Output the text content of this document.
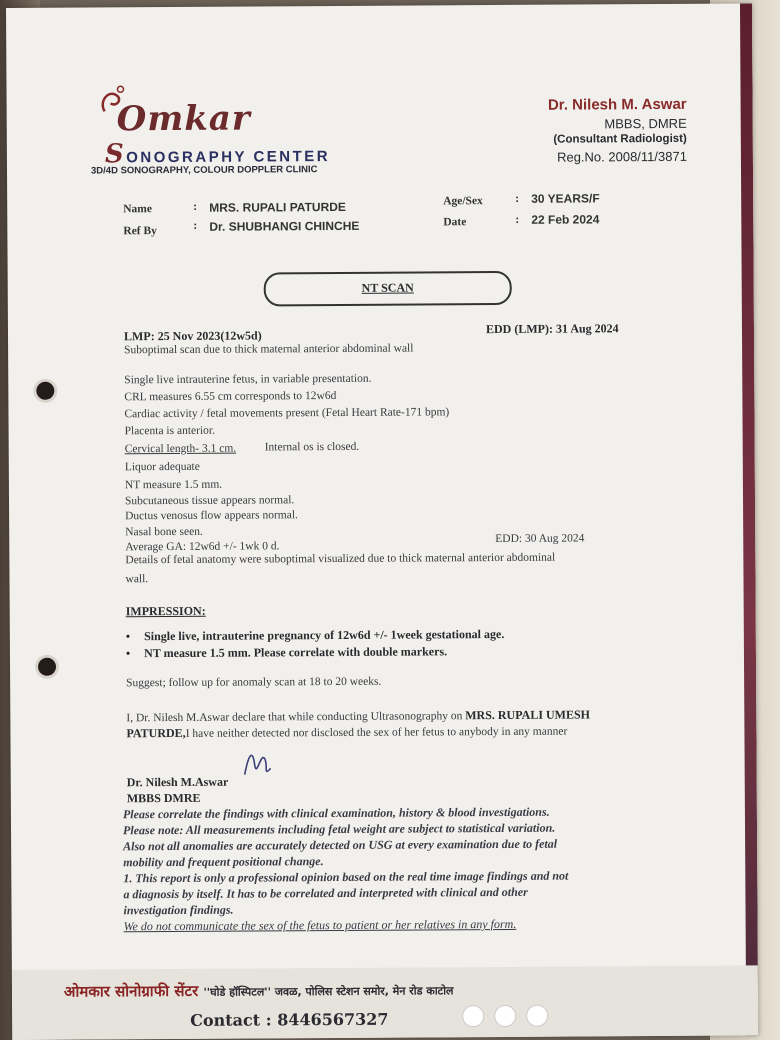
Omkar
SONOGRAPHY CENTER
3D/4D SONOGRAPHY, COLOUR DOPPLER CLINIC
Dr. Nilesh M. Aswar
MBBS, DMRE
(Consultant Radiologist)
Reg.No. 2008/11/3871
Name	: MRS. RUPALI PATURDE
Ref By	: Dr. SHUBHANGI CHINCHE
Age/Sex	: 30 YEARS/F
Date	: 22 Feb 2024
NT SCAN
LMP: 25 Nov 2023(12w5d)	EDD (LMP): 31 Aug 2024
Suboptimal scan due to thick maternal anterior abdominal wall
Single live intrauterine fetus, in variable presentation.
CRL measures 6.55 cm corresponds to 12w6d
Cardiac activity / fetal movements present (Fetal Heart Rate-171 bpm)
Placenta is anterior.
Cervical length- 3.1 cm. Internal os is closed.
Liquor adequate
NT measure 1.5 mm.
Subcutaneous tissue appears normal.
Ductus venosus flow appears normal.
Nasal bone seen.
Average GA: 12w6d +/- 1wk 0 d.
EDD: 30 Aug 2024
Details of fetal anatomy were suboptimal visualized due to thick maternal anterior abdominal
wall.
IMPRESSION:
• Single live, intrauterine pregnancy of 12w6d +/- 1week gestational age.
• NT measure 1.5 mm. Please correlate with double markers.
Suggest; follow up for anomaly scan at 18 to 20 weeks.
I, Dr. Nilesh M.Aswar declare that while conducting Ultrasonography on MRS. RUPALI UMESH
PATURDE,I have neither detected nor disclosed the sex of her fetus to anybody in any manner
Dr. Nilesh M.Aswar
MBBS DMRE
Please correlate the findings with clinical examination, history & blood investigations.
Please note: All measurements including fetal weight are subject to statistical variation.
Also not all anomalies are accurately detected on USG at every examination due to fetal
mobility and frequent positional change.
1. This report is only a professional opinion based on the real time image findings and not
a diagnosis by itself. It has to be correlated and interpreted with clinical and other
investigation findings.
We do not communicate the sex of the fetus to patient or her relatives in any form.
ओमकार सोनोग्राफी सेंटर ''घोडे हॉस्पिटल'' जवळ, पोलिस स्टेशन समोर, मेन रोड काटोल
Contact : 8446567327
